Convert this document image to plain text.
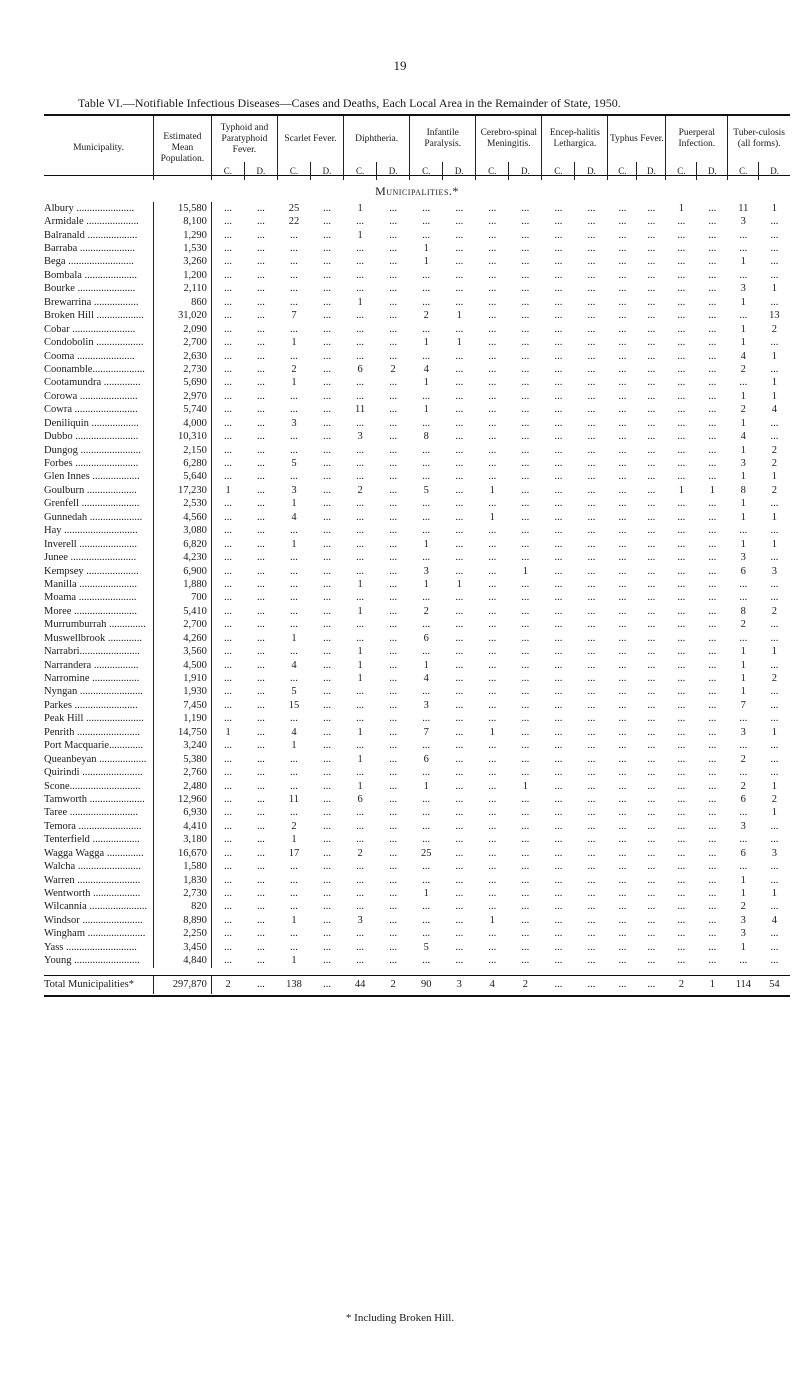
19
Table VI.—Notifiable Infectious Diseases—Cases and Deaths, Each Local Area in the Remainder of State, 1950.
Municipality.	Estimated Mean Population.	Typhoid and Paratyphoid Fever.		Scarlet Fever.		Diphtheria.		Infantile Paralysis.		Cerebro-spinal Meningitis.		Encep-halitis Lethargica.		Typhus Fever.		Puerperal Infection.		Tuber-culosis (all forms).	
		C.	D.	C.	D.	C.	D.	C.	D.	C.	D.	C.	D.	C.	D.	C.	D.	C.	D.
Municipalities.*																			
Albury ......................	15,580	...	...	25	...	1	...	...	...	...	...	...	...	...	...	1	...	11	1
Armidale ....................	8,100	...	...	22	...	...	...	...	...	...	...	...	...	...	...	...	...	3	...
Balranald ...................	1,290	...	...	...	...	1	...	...	...	...	...	...	...	...	...	...	...	...	...
Barraba .....................	1,530	...	...	...	...	...	...	1	...	...	...	...	...	...	...	...	...	...	...
Bega .........................	3,260	...	...	...	...	...	...	1	...	...	...	...	...	...	...	...	...	1	...
Bombala ....................	1,200	...	...	...	...	...	...	...	...	...	...	...	...	...	...	...	...	...	...
Bourke ......................	2,110	...	...	...	...	...	...	...	...	...	...	...	...	...	...	...	...	3	1
Brewarrina .................	860	...	...	...	...	1	...	...	...	...	...	...	...	...	...	...	...	1	...
Broken Hill ..................	31,020	...	...	7	...	...	...	2	1	...	...	...	...	...	...	...	...	...	13
Cobar ........................	2,090	...	...	...	...	...	...	...	...	...	...	...	...	...	...	...	...	1	2
Condobolin ..................	2,700	...	...	1	...	...	...	1	1	...	...	...	...	...	...	...	...	1	...
Cooma ......................	2,630	...	...	...	...	...	...	...	...	...	...	...	...	...	...	...	...	4	1
Coonamble....................	2,730	...	...	2	...	6	2	4	...	...	...	...	...	...	...	...	...	2	...
Cootamundra ..............	5,690	...	...	1	...	...	...	1	...	...	...	...	...	...	...	...	...	...	1
Corowa ......................	2,970	...	...	...	...	...	...	...	...	...	...	...	...	...	...	...	...	1	1
Cowra ........................	5,740	...	...	...	...	11	...	1	...	...	...	...	...	...	...	...	...	2	4
Deniliquin ..................	4,000	...	...	3	...	...	...	...	...	...	...	...	...	...	...	...	...	1	...
Dubbo ........................	10,310	...	...	...	...	3	...	8	...	...	...	...	...	...	...	...	...	4	...
Dungog .......................	2,150	...	...	...	...	...	...	...	...	...	...	...	...	...	...	...	...	1	2
Forbes ........................	6,280	...	...	5	...	...	...	...	...	...	...	...	...	...	...	...	...	3	2
Glen Innes ..................	5,640	...	...	...	...	...	...	...	...	...	...	...	...	...	...	...	...	1	1
Goulburn ...................	17,230	1	...	3	...	2	...	5	...	1	...	...	...	...	...	1	1	8	2
Grenfell ......................	2,530	...	...	1	...	...	...	...	...	...	...	...	...	...	...	...	...	1	...
Gunnedah ....................	4,560	...	...	4	...	...	...	...	...	1	...	...	...	...	...	...	...	1	1
Hay ............................	3,080	...	...	...	...	...	...	...	...	...	...	...	...	...	...	...	...	...	...
Inverell ......................	6,820	...	...	1	...	...	...	1	...	...	...	...	...	...	...	...	...	1	1
Junee .........................	4,230	...	...	...	...	...	...	...	...	...	...	...	...	...	...	...	...	3	...
Kempsey ....................	6,900	...	...	...	...	...	...	3	...	...	1	...	...	...	...	...	...	6	3
Manilla ......................	1,880	...	...	...	...	1	...	1	1	...	...	...	...	...	...	...	...	...	...
Moama ......................	700	...	...	...	...	...	...	...	...	...	...	...	...	...	...	...	...	...	...
Moree ........................	5,410	...	...	...	...	1	...	2	...	...	...	...	...	...	...	...	...	8	2
Murrumburrah ..............	2,700	...	...	...	...	...	...	...	...	...	...	...	...	...	...	...	...	2	...
Muswellbrook .............	4,260	...	...	1	...	...	...	6	...	...	...	...	...	...	...	...	...	...	...
Narrabri.......................	3,560	...	...	...	...	1	...	...	...	...	...	...	...	...	...	...	...	1	1
Narrandera .................	4,500	...	...	4	...	1	...	1	...	...	...	...	...	...	...	...	...	1	...
Narromine ..................	1,910	...	...	...	...	1	...	4	...	...	...	...	...	...	...	...	...	1	2
Nyngan ........................	1,930	...	...	5	...	...	...	...	...	...	...	...	...	...	...	...	...	1	...
Parkes ........................	7,450	...	...	15	...	...	...	3	...	...	...	...	...	...	...	...	...	7	...
Peak Hill ......................	1,190	...	...	...	...	...	...	...	...	...	...	...	...	...	...	...	...	...	...
Penrith ........................	14,750	1	...	4	...	1	...	7	...	1	...	...	...	...	...	...	...	3	1
Port Macquarie.............	3,240	...	...	1	...	...	...	...	...	...	...	...	...	...	...	...	...	...	...
Queanbeyan ..................	5,380	...	...	...	...	1	...	6	...	...	...	...	...	...	...	...	...	2	...
Quirindi .......................	2,760	...	...	...	...	...	...	...	...	...	...	...	...	...	...	...	...	...	...
Scone...........................	2,480	...	...	...	...	1	...	1	...	...	1	...	...	...	...	...	...	2	1
Tamworth .....................	12,960	...	...	11	...	6	...	...	...	...	...	...	...	...	...	...	...	6	2
Taree ..........................	6,930	...	...	...	...	...	...	...	...	...	...	...	...	...	...	...	...	...	1
Temora ........................	4,410	...	...	2	...	...	...	...	...	...	...	...	...	...	...	...	...	3	...
Tenterfield ..................	3,180	...	...	1	...	...	...	...	...	...	...	...	...	...	...	...	...	...	...
Wagga Wagga ..............	16,670	...	...	17	...	2	...	25	...	...	...	...	...	...	...	...	...	6	3
Walcha ........................	1,580	...	...	...	...	...	...	...	...	...	...	...	...	...	...	...	...	...	...
Warren ........................	1,830	...	...	...	...	...	...	...	...	...	...	...	...	...	...	...	...	1	...
Wentworth ..................	2,730	...	...	...	...	...	...	1	...	...	...	...	...	...	...	...	...	1	1
Wilcannia ......................	820	...	...	...	...	...	...	...	...	...	...	...	...	...	...	...	...	2	...
Windsor .......................	8,890	...	...	1	...	3	...	...	...	1	...	...	...	...	...	...	...	3	4
Wingham ......................	2,250	...	...	...	...	...	...	...	...	...	...	...	...	...	...	...	...	3	...
Yass ...........................	3,450	...	...	...	...	...	...	5	...	...	...	...	...	...	...	...	...	1	...
Young .........................	4,840	...	...	1	...	...	...	...	...	...	...	...	...	...	...	...	...	...	...

Total Municipalities*	297,870	2	...	138	...	44	2	90	3	4	2	...	...	...	...	2	1	114	54
* Including Broken Hill.
